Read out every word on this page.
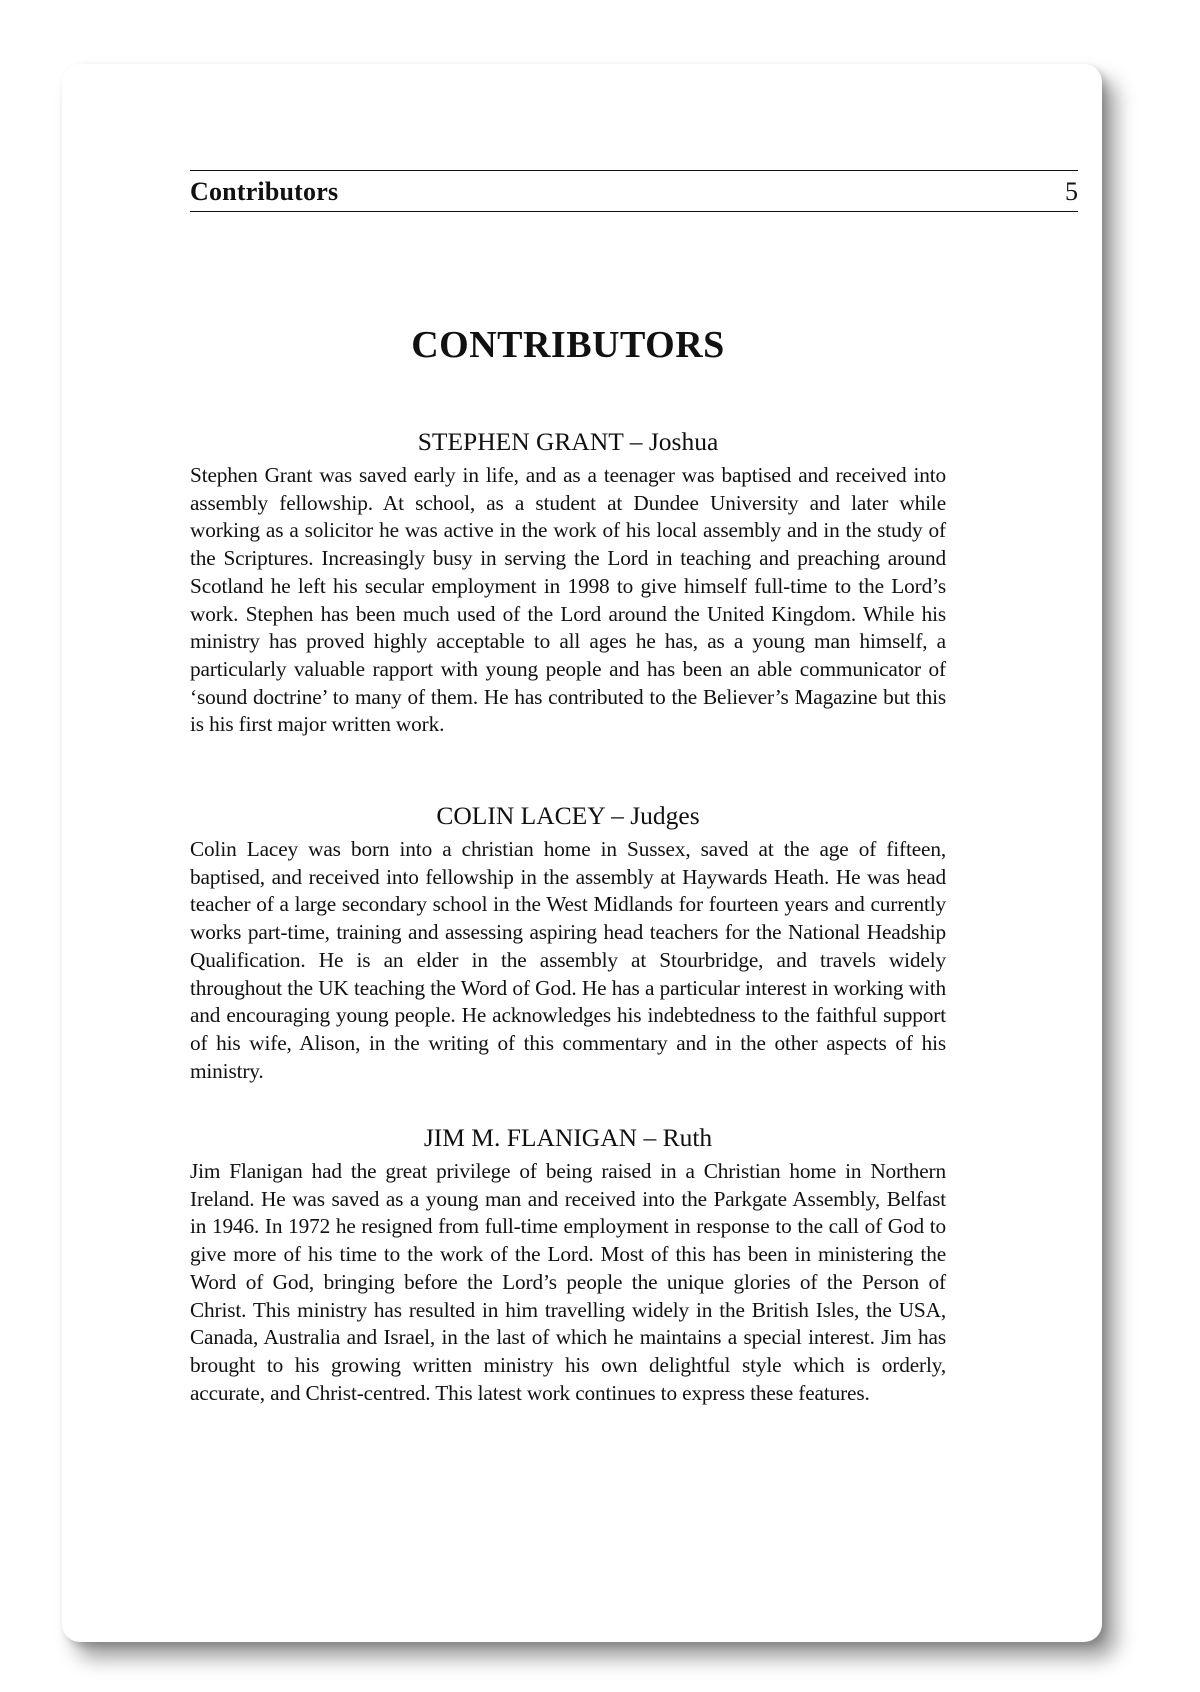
Contributors	5
CONTRIBUTORS
STEPHEN GRANT – Joshua

Stephen Grant was saved early in life, and as a teenager was baptised and received into assembly fellowship. At school, as a student at Dundee University and later while working as a solicitor he was active in the work of his local assembly and in the study of the Scriptures. Increasingly busy in serving the Lord in teaching and preaching around Scotland he left his secular employment in 1998 to give himself full-time to the Lord’s work. Stephen has been much used of the Lord around the United Kingdom. While his ministry has proved highly acceptable to all ages he has, as a young man himself, a particularly valuable rapport with young people and has been an able communicator of ‘sound doctrine’ to many of them. He has contributed to the Believer’s Magazine but this is his first major written work.

COLIN LACEY – Judges

Colin Lacey was born into a christian home in Sussex, saved at the age of fifteen, baptised, and received into fellowship in the assembly at Haywards Heath. He was head teacher of a large secondary school in the West Midlands for fourteen years and currently works part-time, training and assessing aspiring head teachers for the National Headship Qualification. He is an elder in the assembly at Stourbridge, and travels widely throughout the UK teaching the Word of God. He has a particular interest in working with and encouraging young people. He acknowledges his indebtedness to the faithful support of his wife, Alison, in the writing of this commentary and in the other aspects of his ministry.

JIM M. FLANIGAN – Ruth

Jim Flanigan had the great privilege of being raised in a Christian home in Northern Ireland. He was saved as a young man and received into the Parkgate Assembly, Belfast in 1946. In 1972 he resigned from full-time employment in response to the call of God to give more of his time to the work of the Lord. Most of this has been in ministering the Word of God, bringing before the Lord’s people the unique glories of the Person of Christ. This ministry has resulted in him travelling widely in the British Isles, the USA, Canada, Australia and Israel, in the last of which he maintains a special interest. Jim has brought to his growing written ministry his own delightful style which is orderly, accurate, and Christ-centred. This latest work continues to express these features.
